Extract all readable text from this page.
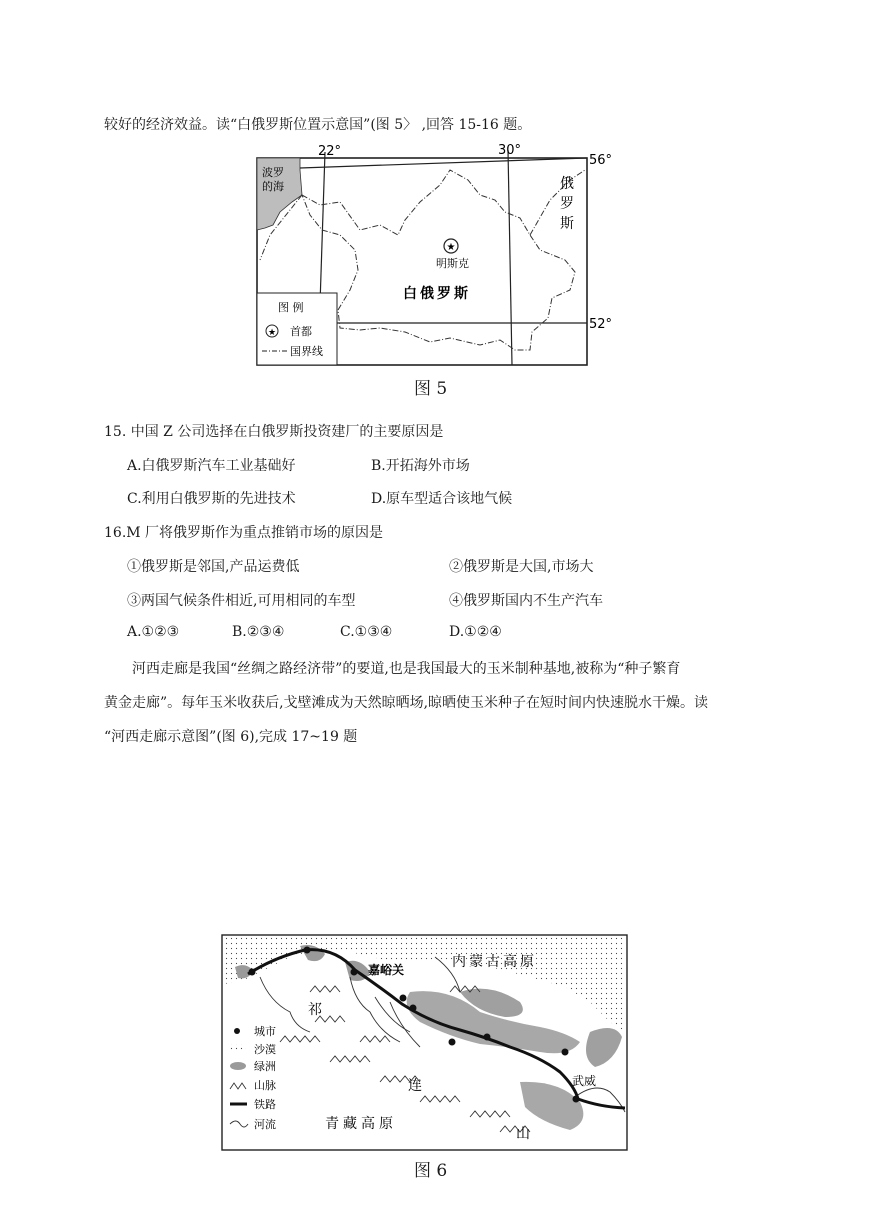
较好的经济效益。读“白俄罗斯位置示意国”(图 5〉 ,回答 15-16 题。
22°	30°
56°
52°
波罗
的海	俄
罗
斯
★
明斯克
白俄罗斯
图 例
★ 首都
国界线
图 5
15. 中国 Z 公司选择在白俄罗斯投资建厂的主要原因是
A.白俄罗斯汽车工业基础好	B.开拓海外市场
C.利用白俄罗斯的先进技术	D.原车型适合该地气候
16.M 厂将俄罗斯作为重点推销市场的原因是
①俄罗斯是邻国,产品运费低	②俄罗斯是大国,市场大
③两国气候条件相近,可用相同的车型	④俄罗斯国内不生产汽车
A.①②③	B.②③④	C.①③④	D.①②④
河西走廊是我国“丝绸之路经济带”的要道,也是我国最大的玉米制种基地,被称为“种子繁育
黄金走廊”。每年玉米收获后,戈壁滩成为天然晾晒场,晾晒使玉米种子在短时间内快速脱水干燥。读
“河西走廊示意图”(图 6),完成 17~19 题
嘉峪关	内蒙古高原
祁
连
山
武威
青藏高原
城市
沙漠
绿洲
山脉
铁路
河流
图 6
